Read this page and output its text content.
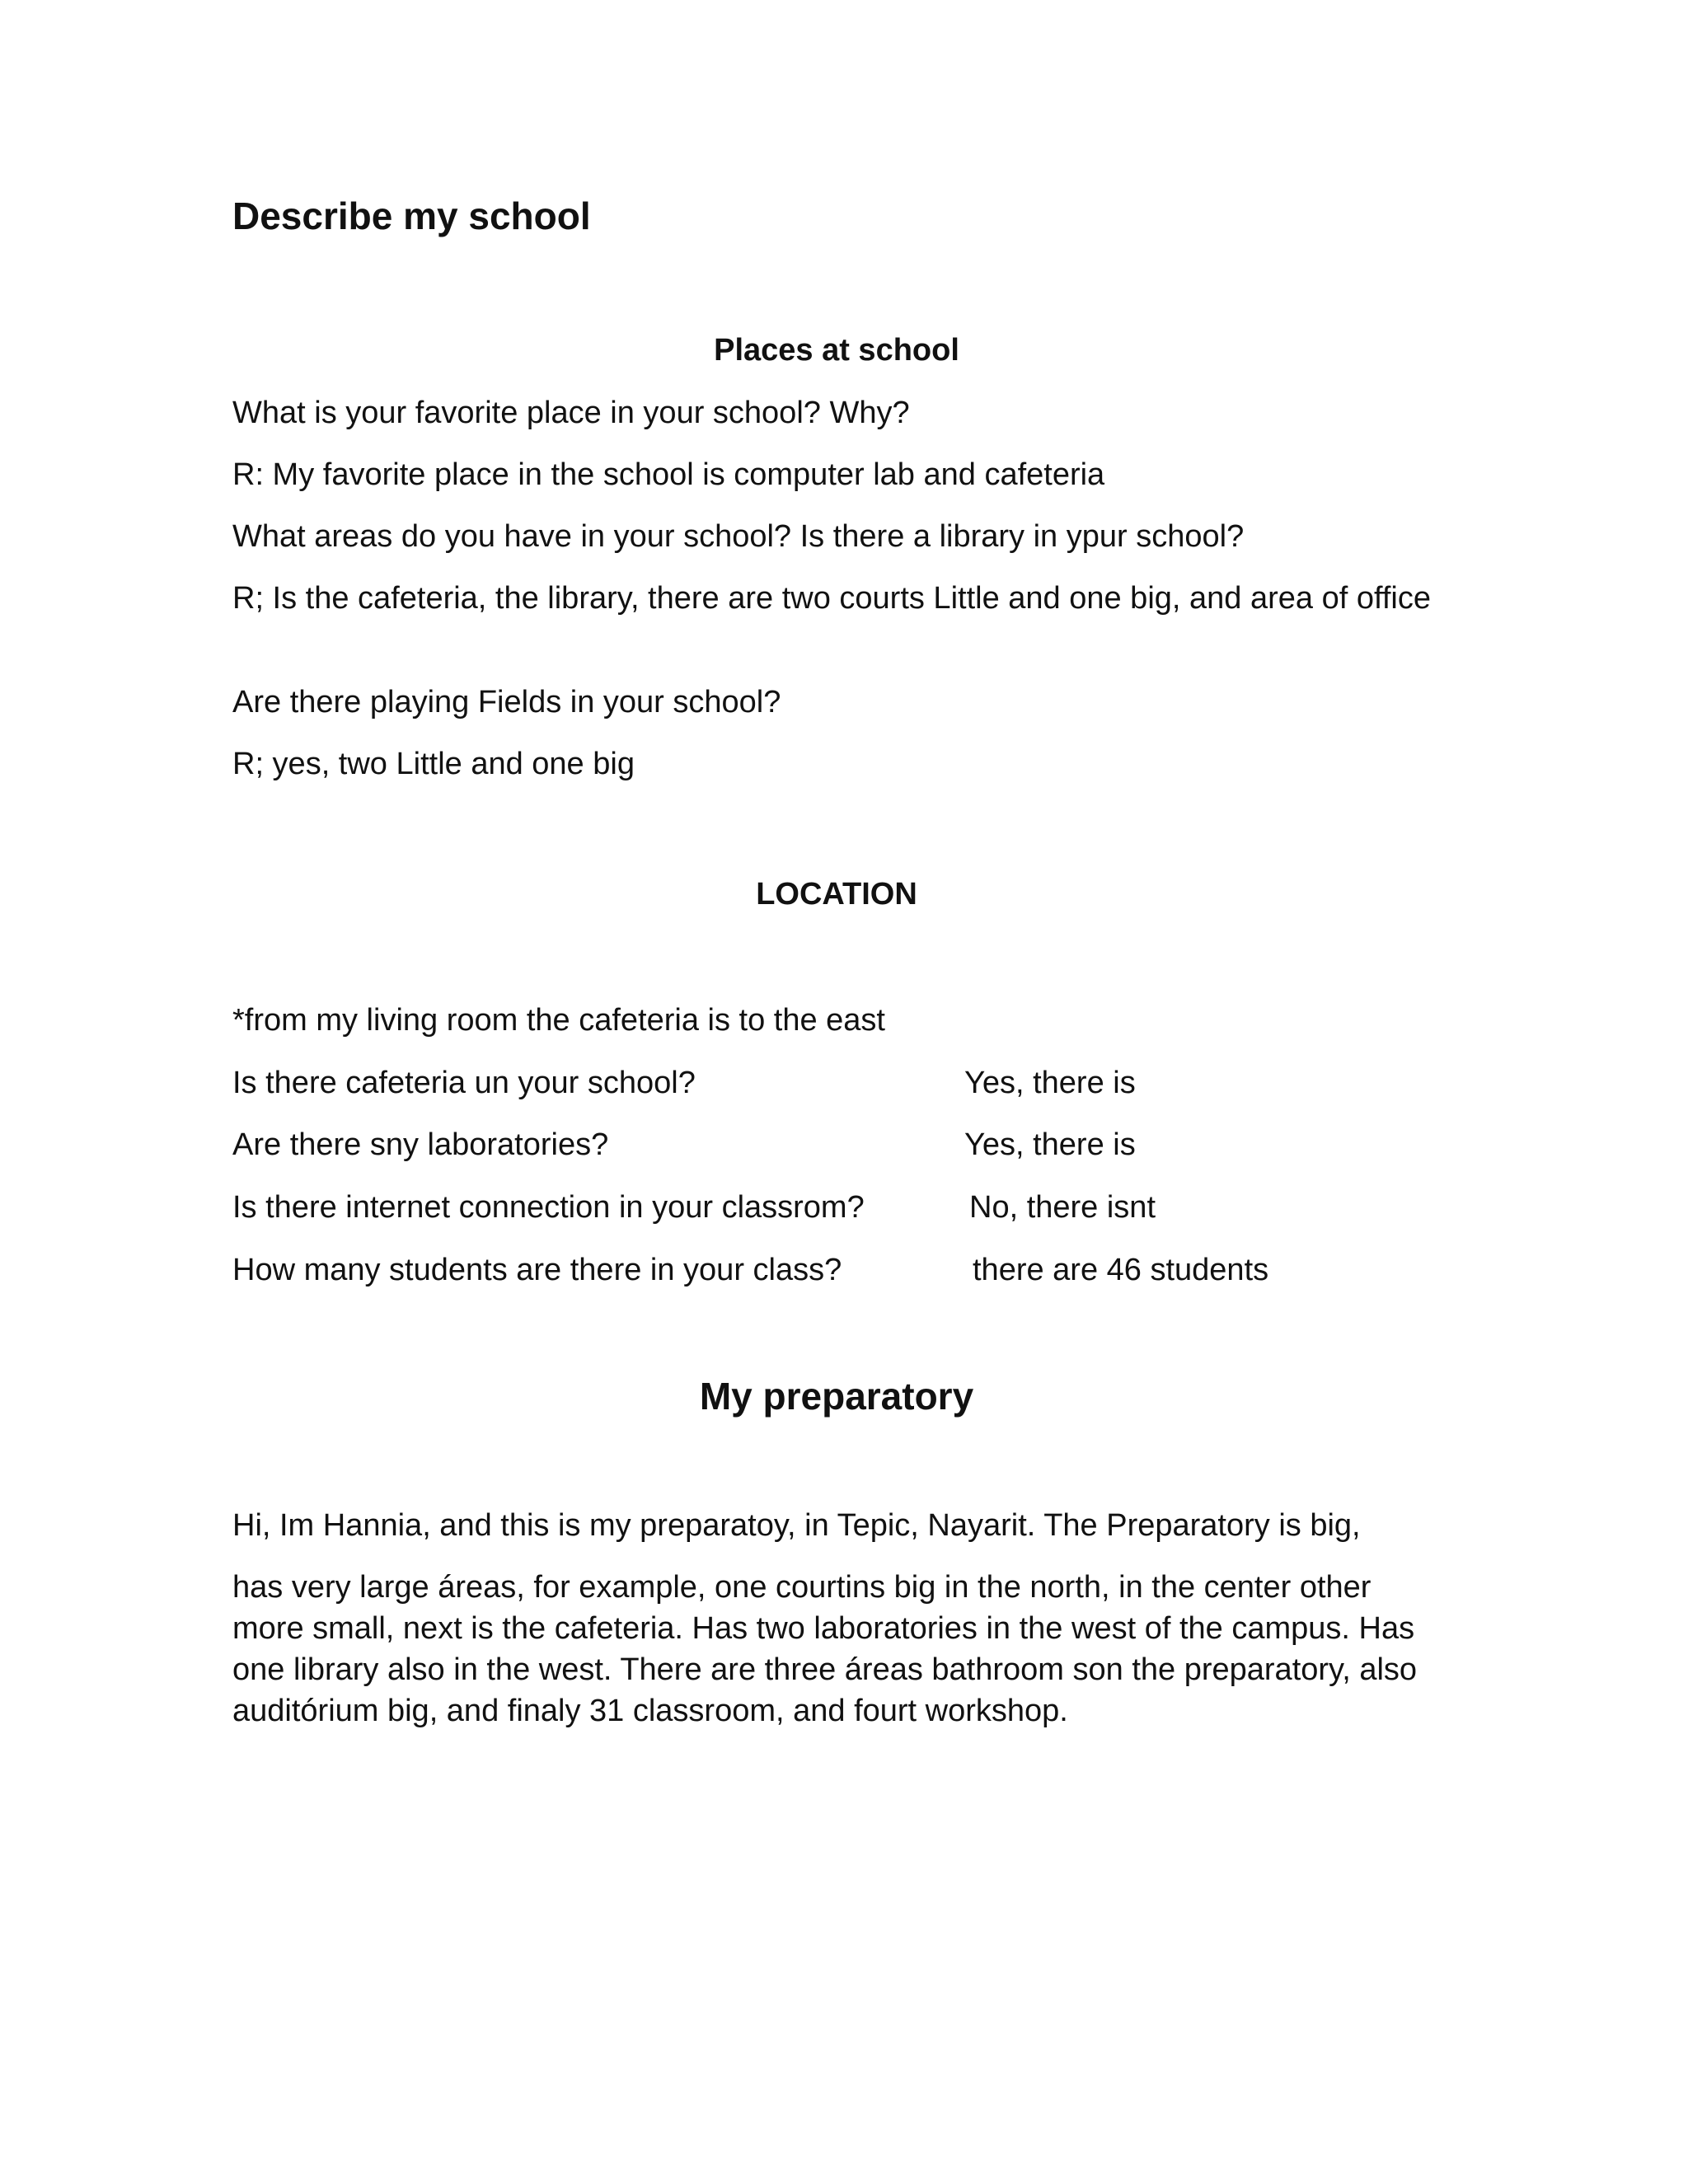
Describe my school
Places at school

What is your favorite place in your school? Why?

R: My favorite place in the school is computer lab and cafeteria

What areas do you have in your school? Is there a library in ypur school?

R; Is the cafeteria, the library, there are two courts Little and one big, and area of office

Are there playing Fields in your school?

R; yes, two Little and one big

LOCATION

*from my living room the cafeteria is to the east

Is there cafeteria un your school?	Yes, there is
Are there sny laboratories?	Yes, there is
Is there internet connection in your classrom?	No, there isnt
How many students are there in your class?	there are 46 students
My preparatory

Hi, Im Hannia, and this is my preparatoy, in Tepic, Nayarit. The Preparatory is big,

has very large áreas, for example, one courtins big in the north, in the center other more small, next is the cafeteria. Has two laboratories in the west of the campus. Has one library also in the west. There are three áreas bathroom son the preparatory, also auditórium big, and finaly 31 classroom, and fourt workshop.
